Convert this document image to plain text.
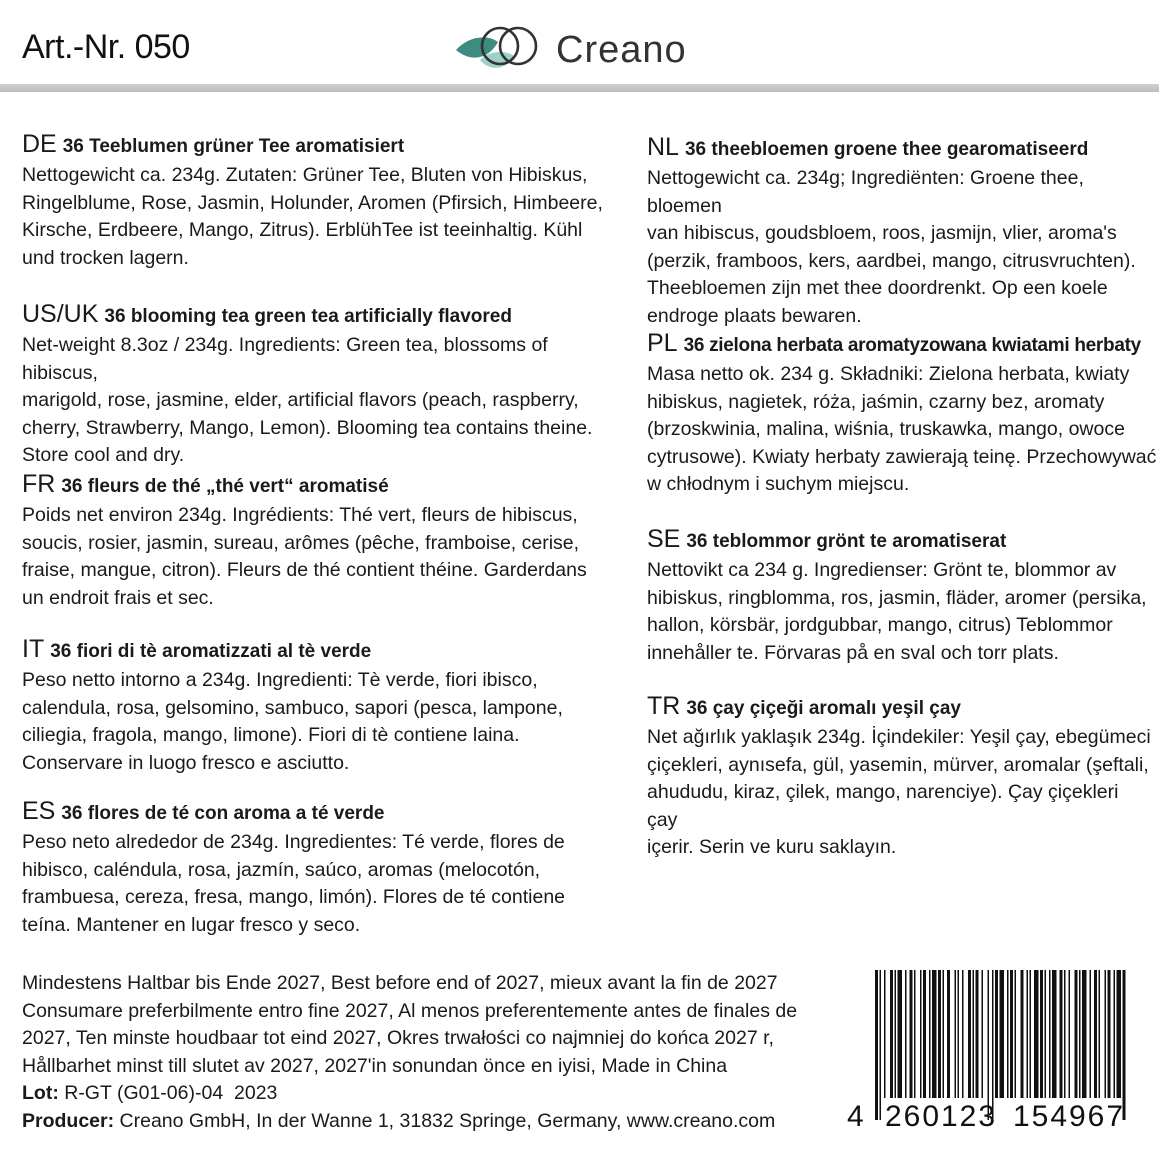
Art.-Nr. 050	Creano
DE 36 Teeblumen grüner Tee aromatisiert

Nettogewicht ca. 234g. Zutaten: Grüner Tee, Bluten von Hibiskus,
Ringelblume, Rose, Jasmin, Holunder, Aromen (Pfirsich, Himbeere,
Kirsche, Erdbeere, Mango, Zitrus). ErblühTee ist teeinhaltig. Kühl
und trocken lagern.

US/UK 36 blooming tea green tea artificially flavored

Net-weight 8.3oz / 234g. Ingredients: Green tea, blossoms of hibiscus,
marigold, rose, jasmine, elder, artificial flavors (peach, raspberry,
cherry, Strawberry, Mango, Lemon). Blooming tea contains theine.
Store cool and dry.

FR 36 fleurs de thé „thé vert“ aromatisé

Poids net environ 234g. Ingrédients: Thé vert, fleurs de hibiscus,
soucis, rosier, jasmin, sureau, arômes (pêche, framboise, cerise,
fraise, mangue, citron). Fleurs de thé contient théine. Garderdans
un endroit frais et sec.

IT 36 fiori di tè aromatizzati al tè verde

Peso netto intorno a 234g. Ingredienti: Tè verde, fiori ibisco,
calendula, rosa, gelsomino, sambuco, sapori (pesca, lampone,
ciliegia, fragola, mango, limone). Fiori di tè contiene laina.
Conservare in luogo fresco e asciutto.

ES 36 flores de té con aroma a té verde

Peso neto alrededor de 234g. Ingredientes: Té verde, flores de
hibisco, caléndula, rosa, jazmín, saúco, aromas (melocotón,
frambuesa, cereza, fresa, mango, limón). Flores de té contiene
teína. Mantener en lugar fresco y seco.

NL 36 theebloemen groene thee gearomatiseerd

Nettogewicht ca. 234g; Ingrediënten: Groene thee, bloemen
van hibiscus, goudsbloem, roos, jasmijn, vlier, aroma's
(perzik, framboos, kers, aardbei, mango, citrusvruchten).
Theebloemen zijn met thee doordrenkt. Op een koele
endroge plaats bewaren.

PL 36 zielona herbata aromatyzowana kwiatami herbaty

Masa netto ok. 234 g. Składniki: Zielona herbata, kwiaty
hibiskus, nagietek, róża, jaśmin, czarny bez, aromaty
(brzoskwinia, malina, wiśnia, truskawka, mango, owoce
cytrusowe). Kwiaty herbaty zawierają teinę. Przechowywać
w chłodnym i suchym miejscu.

SE 36 teblommor grönt te aromatiserat

Nettovikt ca 234 g. Ingredienser: Grönt te, blommor av
hibiskus, ringblomma, ros, jasmin, fläder, aromer (persika,
hallon, körsbär, jordgubbar, mango, citrus) Teblommor
innehåller te. Förvaras på en sval och torr plats.

TR 36 çay çiçeği aromalı yeşil çay

Net ağırlık yaklaşık 234g. İçindekiler: Yeşil çay, ebegümeci
çiçekleri, aynısefa, gül, yasemin, mürver, aromalar (şeftali,
ahududu, kiraz, çilek, mango, narenciye). Çay çiçekleri çay
içerir. Serin ve kuru saklayın.

Mindestens Haltbar bis Ende 2027, Best before end of 2027, mieux avant la fin de 2027
Consumare preferbilmente entro fine 2027, Al menos preferentemente antes de finales de
2027, Ten minste houdbaar tot eind 2027, Okres trwałości co najmniej do końca 2027 r,
Hållbarhet minst till slutet av 2027, 2027'in sonundan önce en iyisi, Made in China
Lot: R-GT (G01-06)-04  2023
Producer: Creano GmbH, In der Wanne 1, 31832 Springe, Germany, www.creano.com	4 260123 154967
